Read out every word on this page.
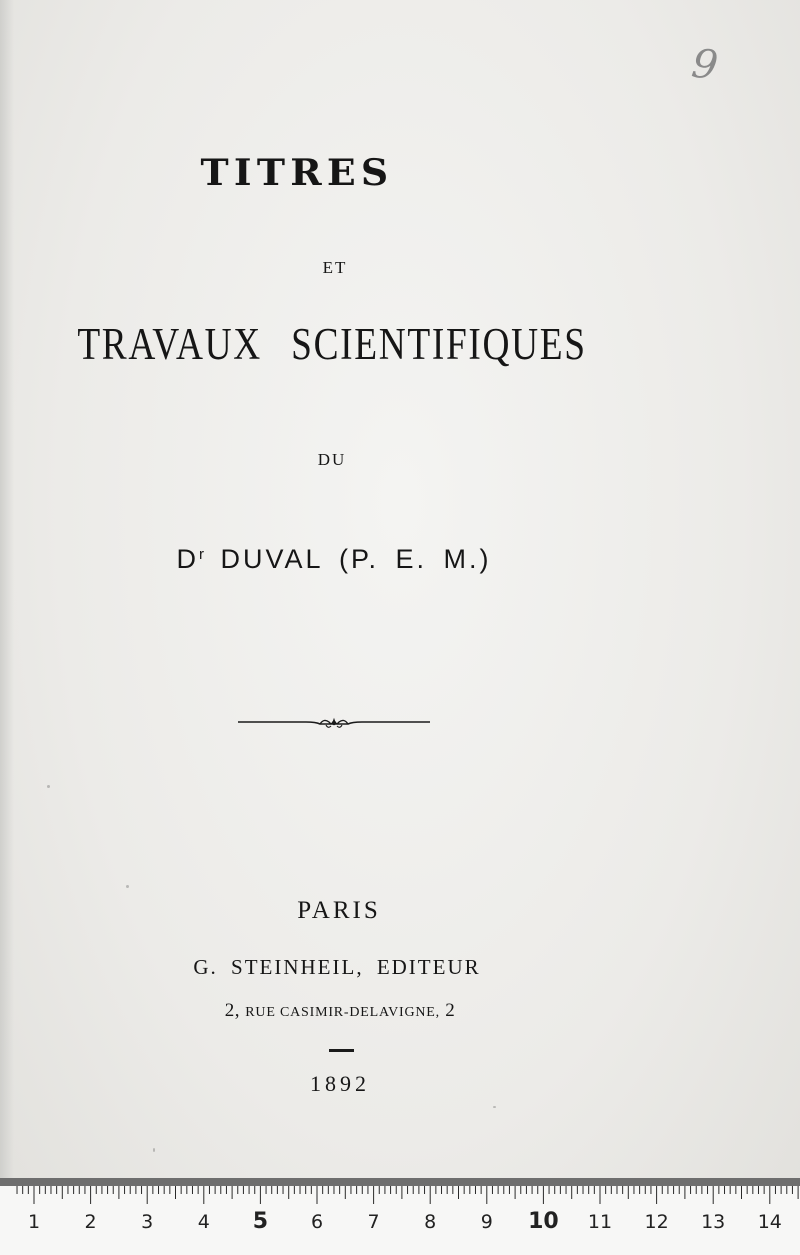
9
TITRES
ET
TRAVAUX SCIENTIFIQUES
DU
$D^r$ DUVAL (P. E. M.)
PARIS
G. STEINHEIL, EDITEUR
2, RUE CASIMIR-DELAVIGNE, 2
1892
1 2 3 4 5 6 7 8 9 10 11 12 13 14
